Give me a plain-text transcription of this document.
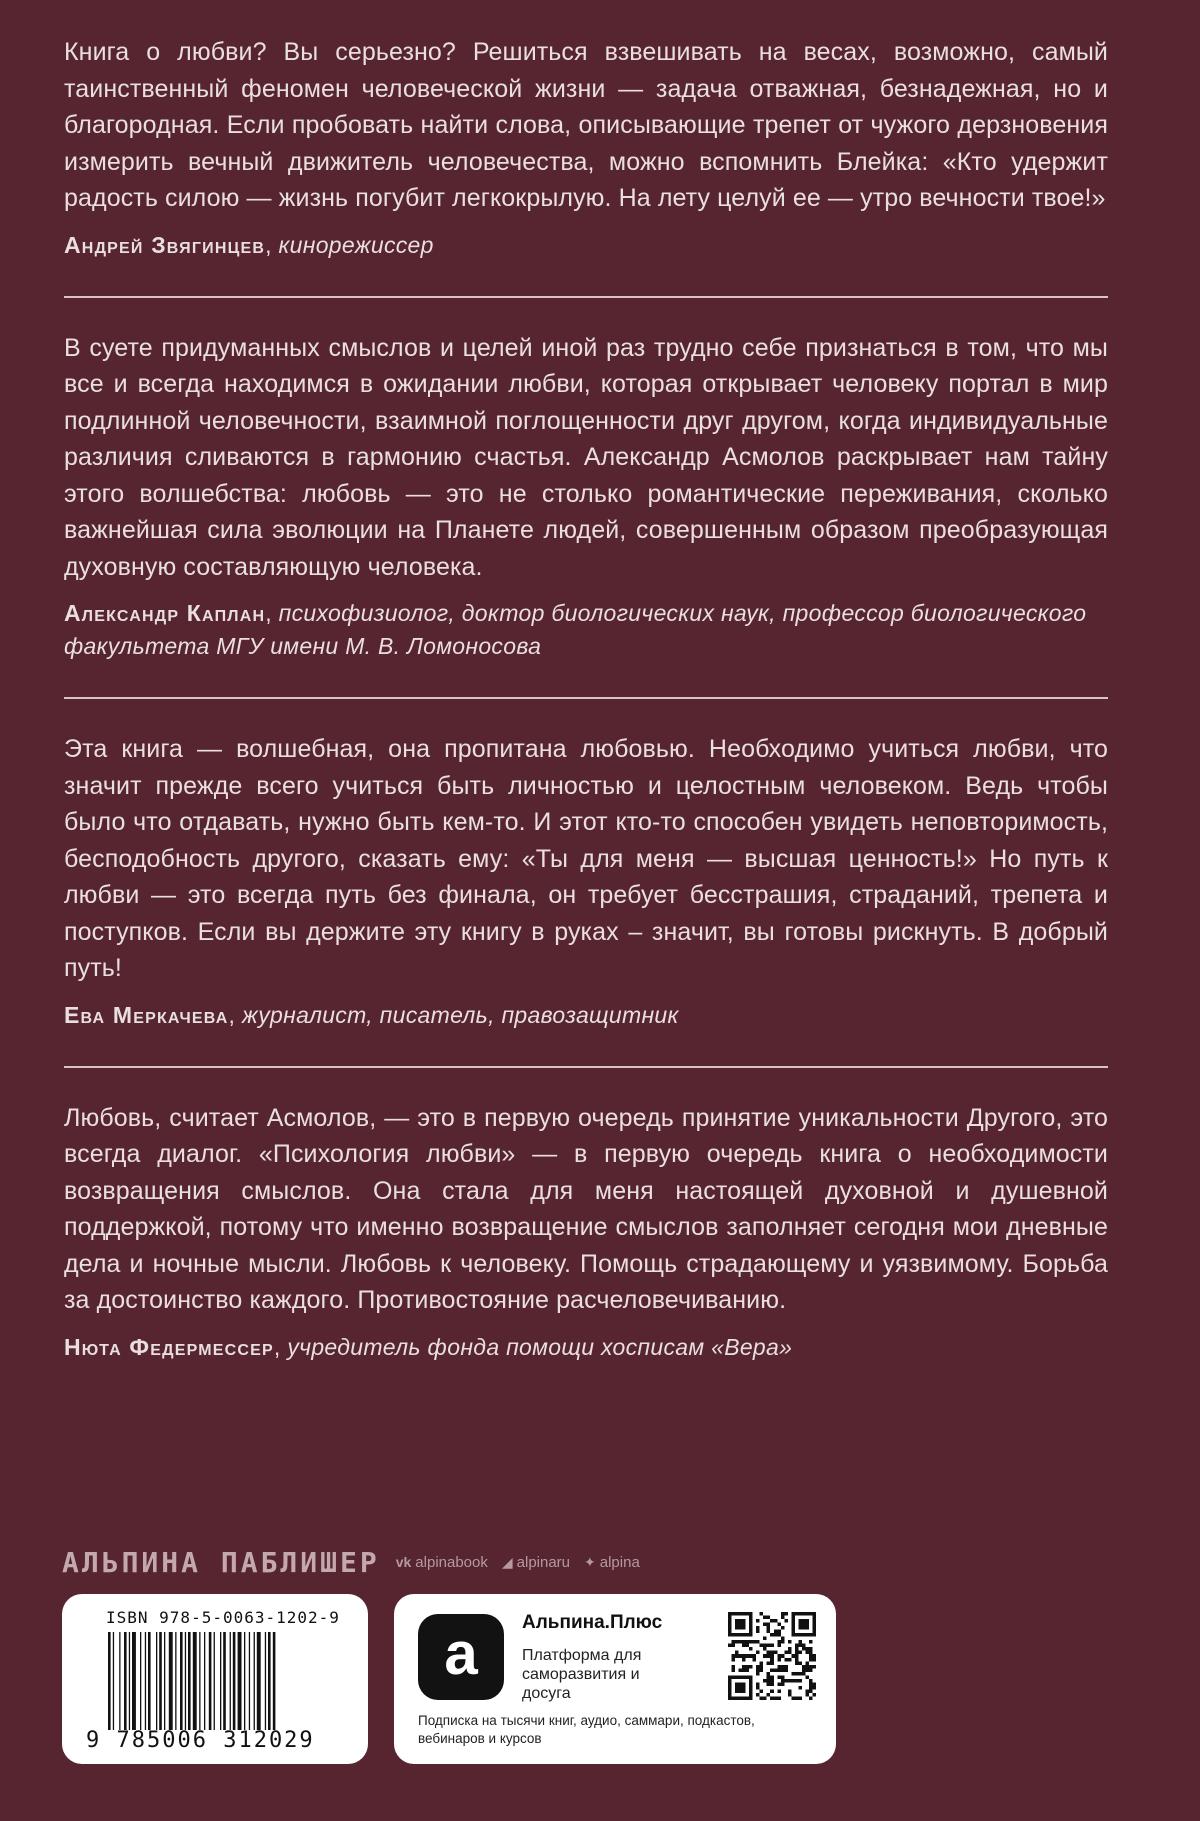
Книга о любви? Вы серьезно? Решиться взвешивать на весах, возможно, самый таинственный феномен человеческой жизни — задача отважная, безнадежная, но и благородная. Если пробовать найти слова, описывающие трепет от чужого дерзновения измерить вечный движитель человечества, можно вспомнить Блейка: «Кто удержит радость силою — жизнь погубит легкокрылую. На лету целуй ее — утро вечности твое!»

Андрей Звягинцев, кинорежиссер

В суете придуманных смыслов и целей иной раз трудно себе признаться в том, что мы все и всегда находимся в ожидании любви, которая открывает человеку портал в мир подлинной человечности, взаимной поглощенности друг другом, когда индивидуальные различия сливаются в гармонию счастья. Александр Асмолов раскрывает нам тайну этого волшебства: любовь — это не столько романтические переживания, сколько важнейшая сила эволюции на Планете людей, совершенным образом преобразующая духовную составляющую человека.

Александр Каплан, психофизиолог, доктор биологических наук, профессор биологического факультета МГУ имени М. В. Ломоносова

Эта книга — волшебная, она пропитана любовью. Необходимо учиться любви, что значит прежде всего учиться быть личностью и целостным человеком. Ведь чтобы было что отдавать, нужно быть кем-то. И этот кто-то способен увидеть неповторимость, бесподобность другого, сказать ему: «Ты для меня — высшая ценность!» Но путь к любви — это всегда путь без финала, он требует бесстрашия, страданий, трепета и поступков. Если вы держите эту книгу в руках – значит, вы готовы рискнуть. В добрый путь!

Ева Меркачева, журналист, писатель, правозащитник

Любовь, считает Асмолов, — это в первую очередь принятие уникальности Другого, это всегда диалог. «Психология любви» — в первую очередь книга о необходимости возвращения смыслов. Она стала для меня настоящей духовной и душевной поддержкой, потому что именно возвращение смыслов заполняет сегодня мои дневные дела и ночные мысли. Любовь к человеку. Помощь страдающему и уязвимому. Борьба за достоинство каждого. Противостояние расчеловечиванию.

Нюта Федермессер, учредитель фонда помощи хосписам «Вера»
АЛЬПИНА ПАБЛИШЕР vk alpinabook ◢ alpinaru ✦ alpina
ISBN 978-5-0063-1202-9
9 785006 312029
a Альпина.Плюс
Платформа для саморазвития и досуга
Подписка на тысячи книг, аудио, саммари, подкастов, вебинаров и курсов
